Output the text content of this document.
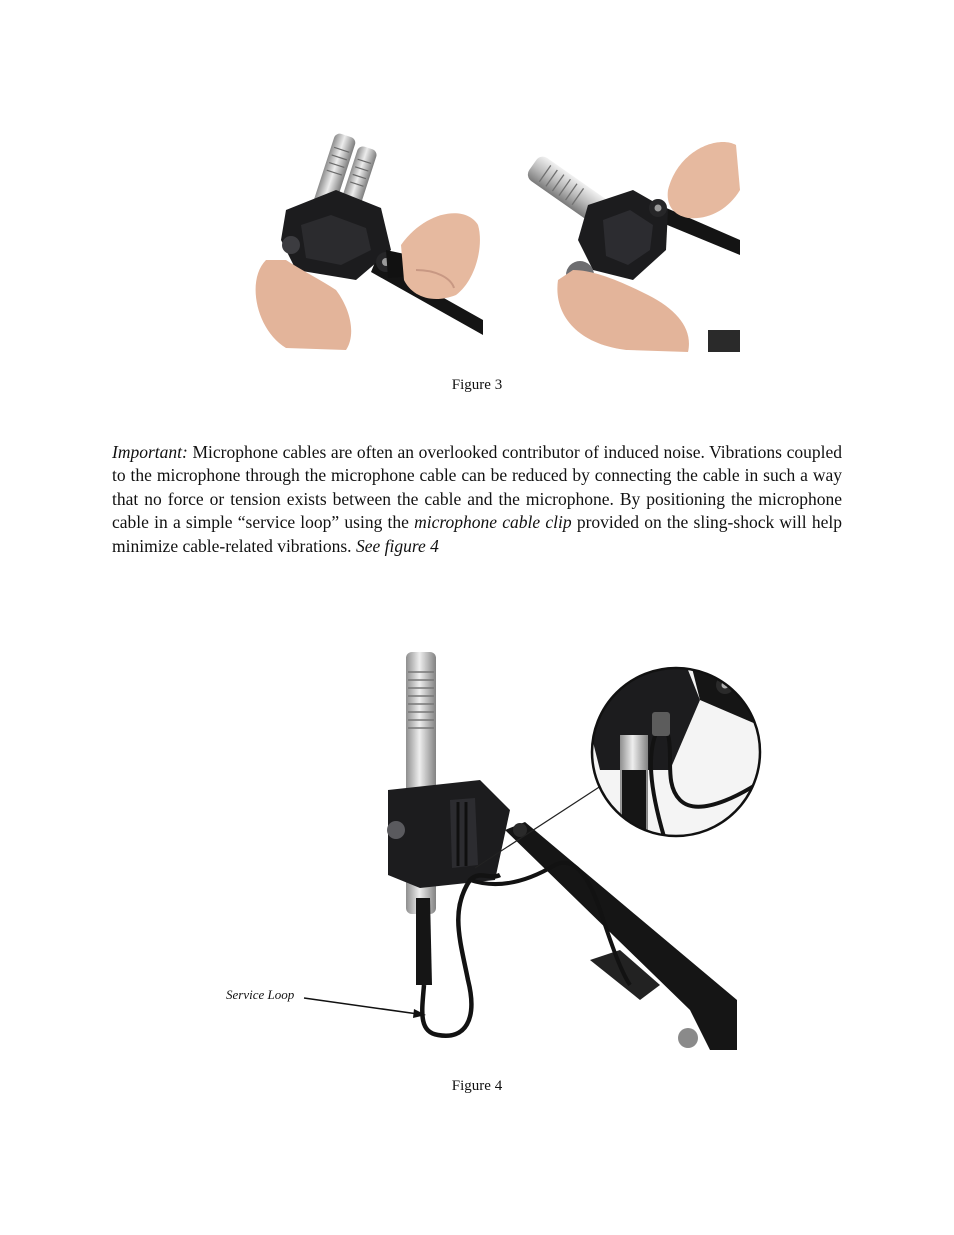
Figure 3

Important: Microphone cables are often an overlooked contributor of induced noise. Vibrations coupled to the microphone through the microphone cable can be reduced by connecting the cable in such a way that no force or tension exists between the cable and the microphone. By positioning the microphone cable in a simple “service loop” using the microphone cable clip provided on the sling-shock will help minimize cable-related vibrations. See figure 4

Service Loop
Figure 4
